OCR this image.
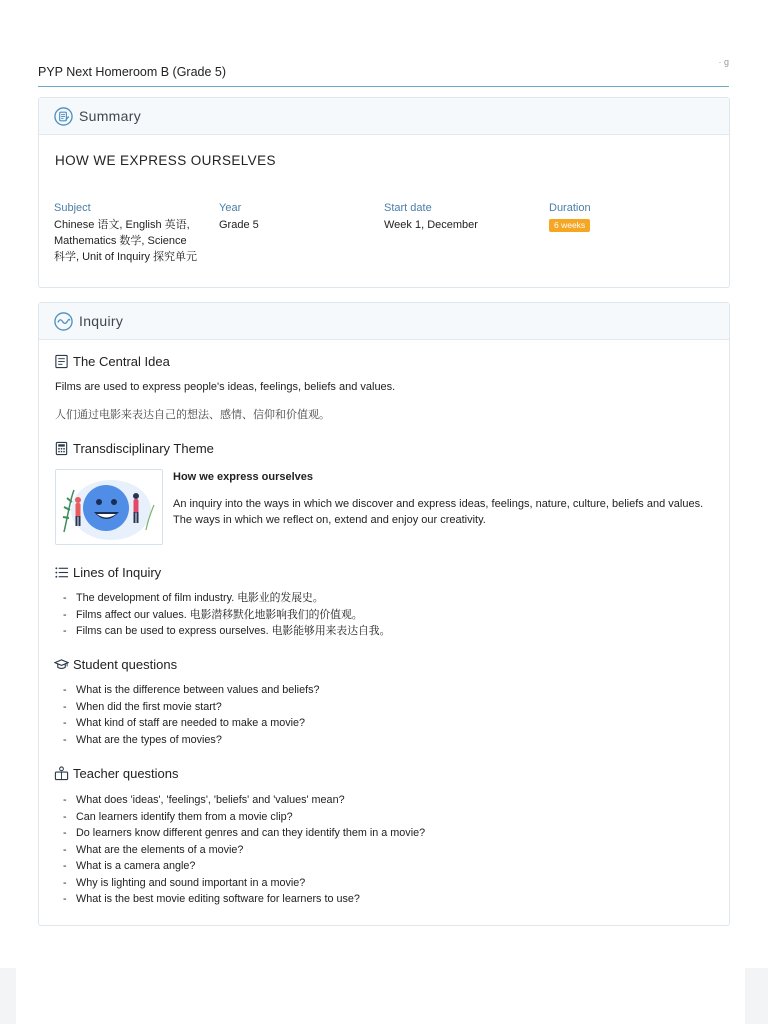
PYP Next Homeroom B (Grade 5)
· g
Summary
HOW WE EXPRESS OURSELVES
Subject
Chinese 语文, English 英语,
Mathematics 数学, Science
科学, Unit of Inquiry 探究单元
Year
Grade 5
Start date
Week 1, December
Duration
6 weeks
Inquiry
The Central Idea
Films are used to express people's ideas, feelings, beliefs and values.
人们通过电影来表达自己的想法、感情、信仰和价值观。
Transdisciplinary Theme
How we express ourselves
An inquiry into the ways in which we discover and express ideas, feelings, nature, culture, beliefs and values.
The ways in which we reflect on, extend and enjoy our creativity.
Lines of Inquiry
- The development of film industry. 电影业的发展史。
- Films affect our values. 电影潜移默化地影响我们的价值观。
- Films can be used to express ourselves. 电影能够用来表达自我。
Student questions
- What is the difference between values and beliefs?
- When did the first movie start?
- What kind of staff are needed to make a movie?
- What are the types of movies?
Teacher questions
- What does 'ideas', 'feelings', 'beliefs' and 'values' mean?
- Can learners identify them from a movie clip?
- Do learners know different genres and can they identify them in a movie?
- What are the elements of a movie?
- What is a camera angle?
- Why is lighting and sound important in a movie?
- What is the best movie editing software for learners to use?
